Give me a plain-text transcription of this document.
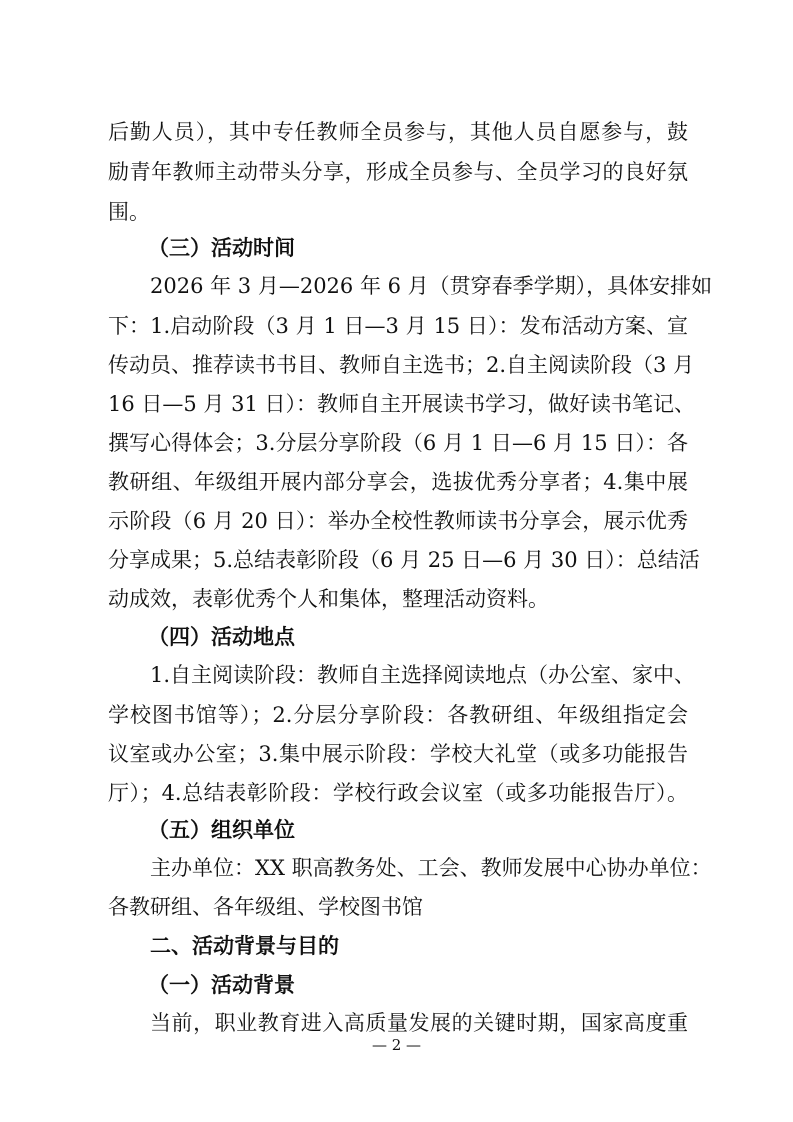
后勤人员），其中专任教师全员参与，其他人员自愿参与，鼓
励青年教师主动带头分享，形成全员参与、全员学习的良好氛
围。
（三）活动时间
2026 年 3 月—2026 年 6 月（贯穿春季学期），具体安排如
下：1.启动阶段（3 月 1 日—3 月 15 日）：发布活动方案、宣
传动员、推荐读书书目、教师自主选书；2.自主阅读阶段（3 月
16 日—5 月 31 日）：教师自主开展读书学习，做好读书笔记、
撰写心得体会；3.分层分享阶段（6 月 1 日—6 月 15 日）：各
教研组、年级组开展内部分享会，选拔优秀分享者；4.集中展
示阶段（6 月 20 日）：举办全校性教师读书分享会，展示优秀
分享成果；5.总结表彰阶段（6 月 25 日—6 月 30 日）：总结活
动成效，表彰优秀个人和集体，整理活动资料。
（四）活动地点
1.自主阅读阶段：教师自主选择阅读地点（办公室、家中、
学校图书馆等）；2.分层分享阶段：各教研组、年级组指定会
议室或办公室；3.集中展示阶段：学校大礼堂（或多功能报告
厅）；4.总结表彰阶段：学校行政会议室（或多功能报告厅）。
（五）组织单位
主办单位：XX 职高教务处、工会、教师发展中心协办单位：
各教研组、各年级组、学校图书馆
二、活动背景与目的
（一）活动背景
当前，职业教育进入高质量发展的关键时期，国家高度重
— 2 —
